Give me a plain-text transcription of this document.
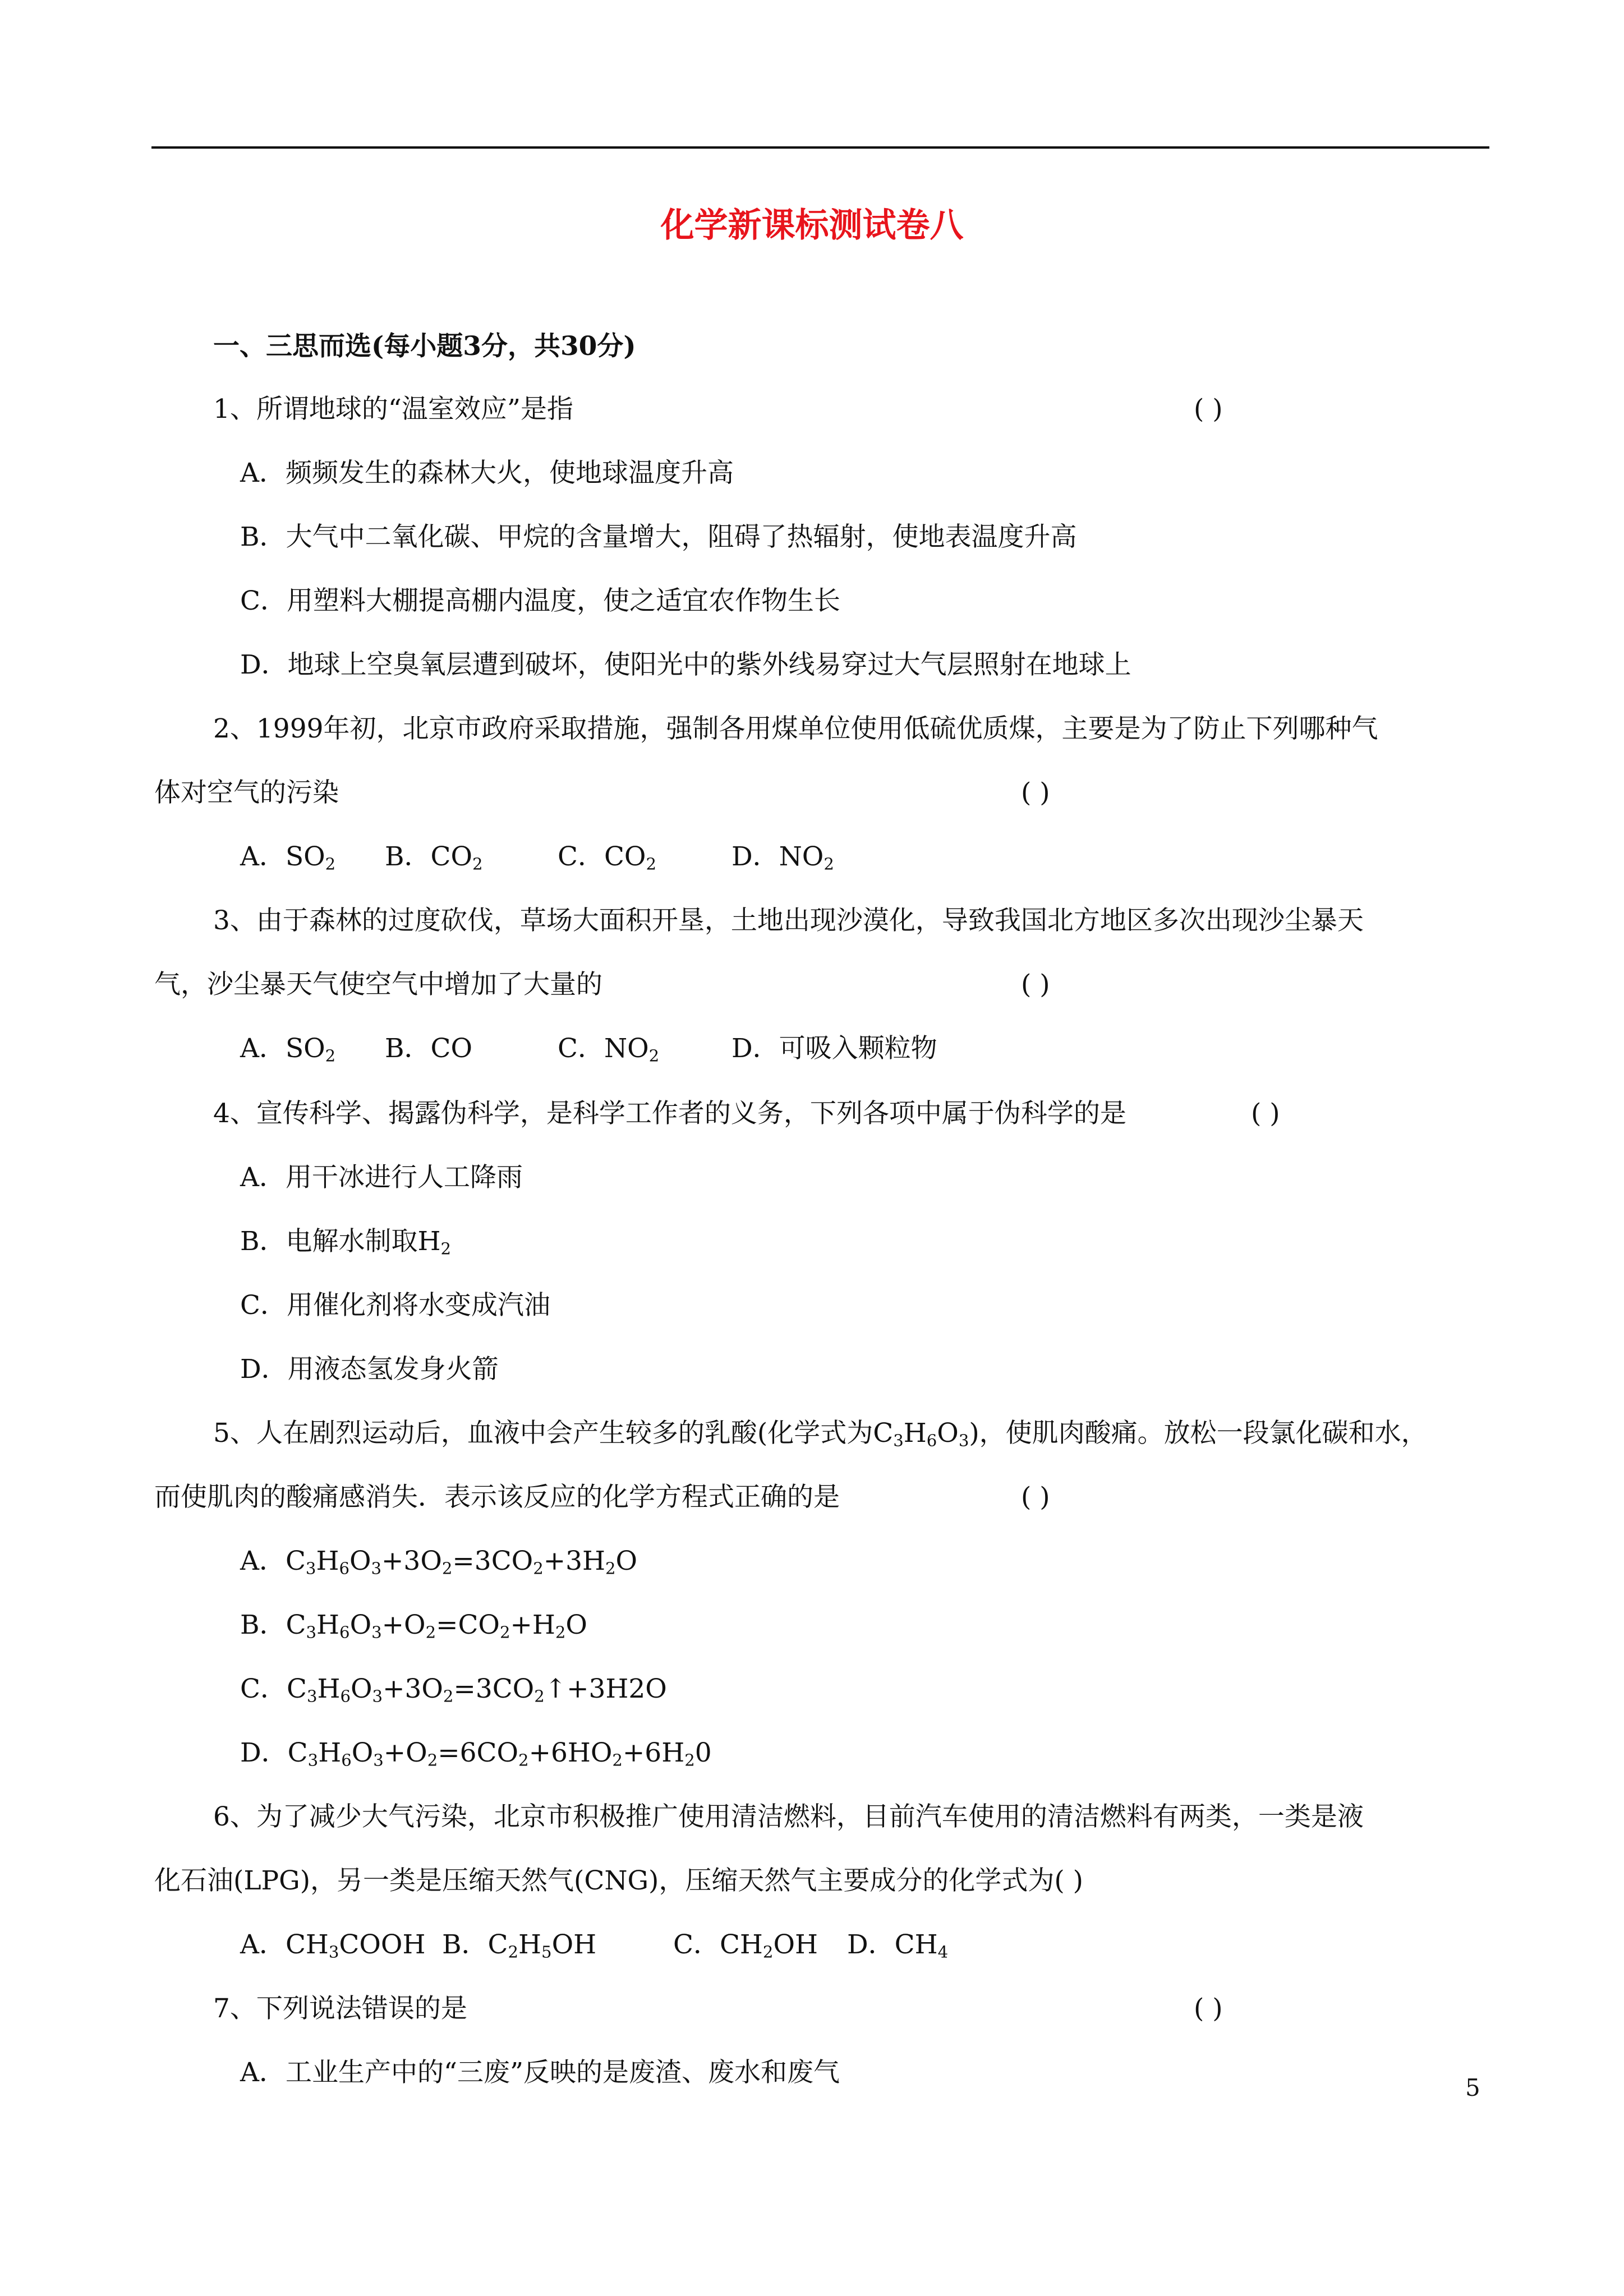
化学新课标测试卷八
一、三思而选(每小题3分，共30分)
1、所谓地球的“温室效应”是指	( )
A．频频发生的森林大火，使地球温度升高
B．大气中二氧化碳、甲烷的含量增大，阻碍了热辐射，使地表温度升高
C．用塑料大棚提高棚内温度，使之适宜农作物生长
D．地球上空臭氧层遭到破坏，使阳光中的紫外线易穿过大气层照射在地球上
2、1999年初，北京市政府采取措施，强制各用煤单位使用低硫优质煤，主要是为了防止下列哪种气
体对空气的污染	( )
A．$SO_2$ B．$CO_2$	C．$CO_2$	D．$NO_2$
3、由于森林的过度砍伐，草场大面积开垦，土地出现沙漠化，导致我国北方地区多次出现沙尘暴天
气，沙尘暴天气使空气中增加了大量的	( )
A．$SO_2$ B．CO	C．$NO_2$	D．可吸入颗粒物
4、宣传科学、揭露伪科学，是科学工作者的义务，下列各项中属于伪科学的是	( )
A．用干冰进行人工降雨
B．电解水制取$H_2$
C．用催化剂将水变成汽油
D．用液态氢发身火箭
5、人在剧烈运动后，血液中会产生较多的乳酸(化学式为$C_3H_6O_3$)，使肌肉酸痛。放松一段氯化碳和水，
而使肌肉的酸痛感消失．表示该反应的化学方程式正确的是	( )
A．$C_3H_6O_3+3O_2=3CO_2+3H_2O$
B．$C_3H_6O_3+O_2=CO_2+H_2O$
C．$C_3H_6O_3+3O_2=3CO_2↑+3H2O$
D．$C_3H_6O_3+O_2=6CO_2+6HO_2+6H_20$
6、为了减少大气污染，北京市积极推广使用清洁燃料，目前汽车使用的清洁燃料有两类，一类是液
化石油(LPG)，另一类是压缩天然气(CNG)，压缩天然气主要成分的化学式为( )
A．$CH_3COOH$ B．$C_2H_5OH$	C．$CH_2OH$ D．$CH_4$
7、下列说法错误的是	( )
A．工业生产中的“三废”反映的是废渣、废水和废气	5
